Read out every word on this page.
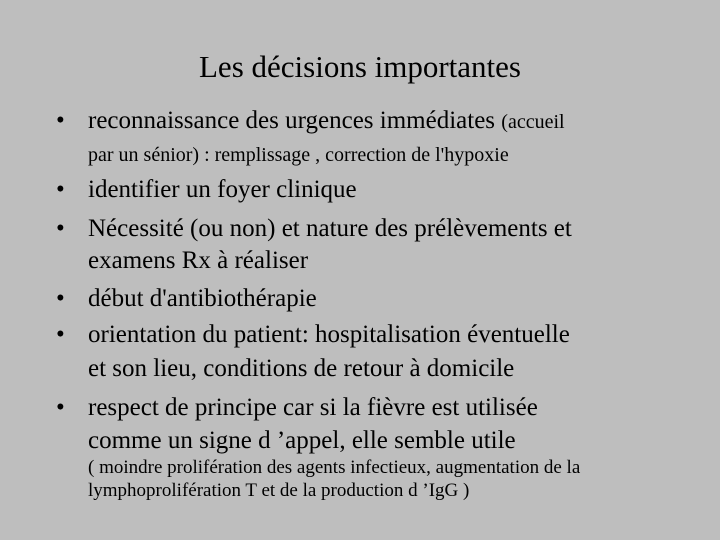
Les décisions importantes
• reconnaissance des urgences immédiates (accueil
par un sénior) : remplissage , correction de l'hypoxie
• identifier un foyer clinique
• Nécessité (ou non) et nature des prélèvements et
examens Rx à réaliser
• début d'antibiothérapie
• orientation du patient: hospitalisation éventuelle
et son lieu, conditions de retour à domicile
• respect de principe car si la fièvre est utilisée
comme un signe d ’appel, elle semble utile
( moindre prolifération des agents infectieux, augmentation de la
lymphoprolifération T et de la production d ’IgG )
